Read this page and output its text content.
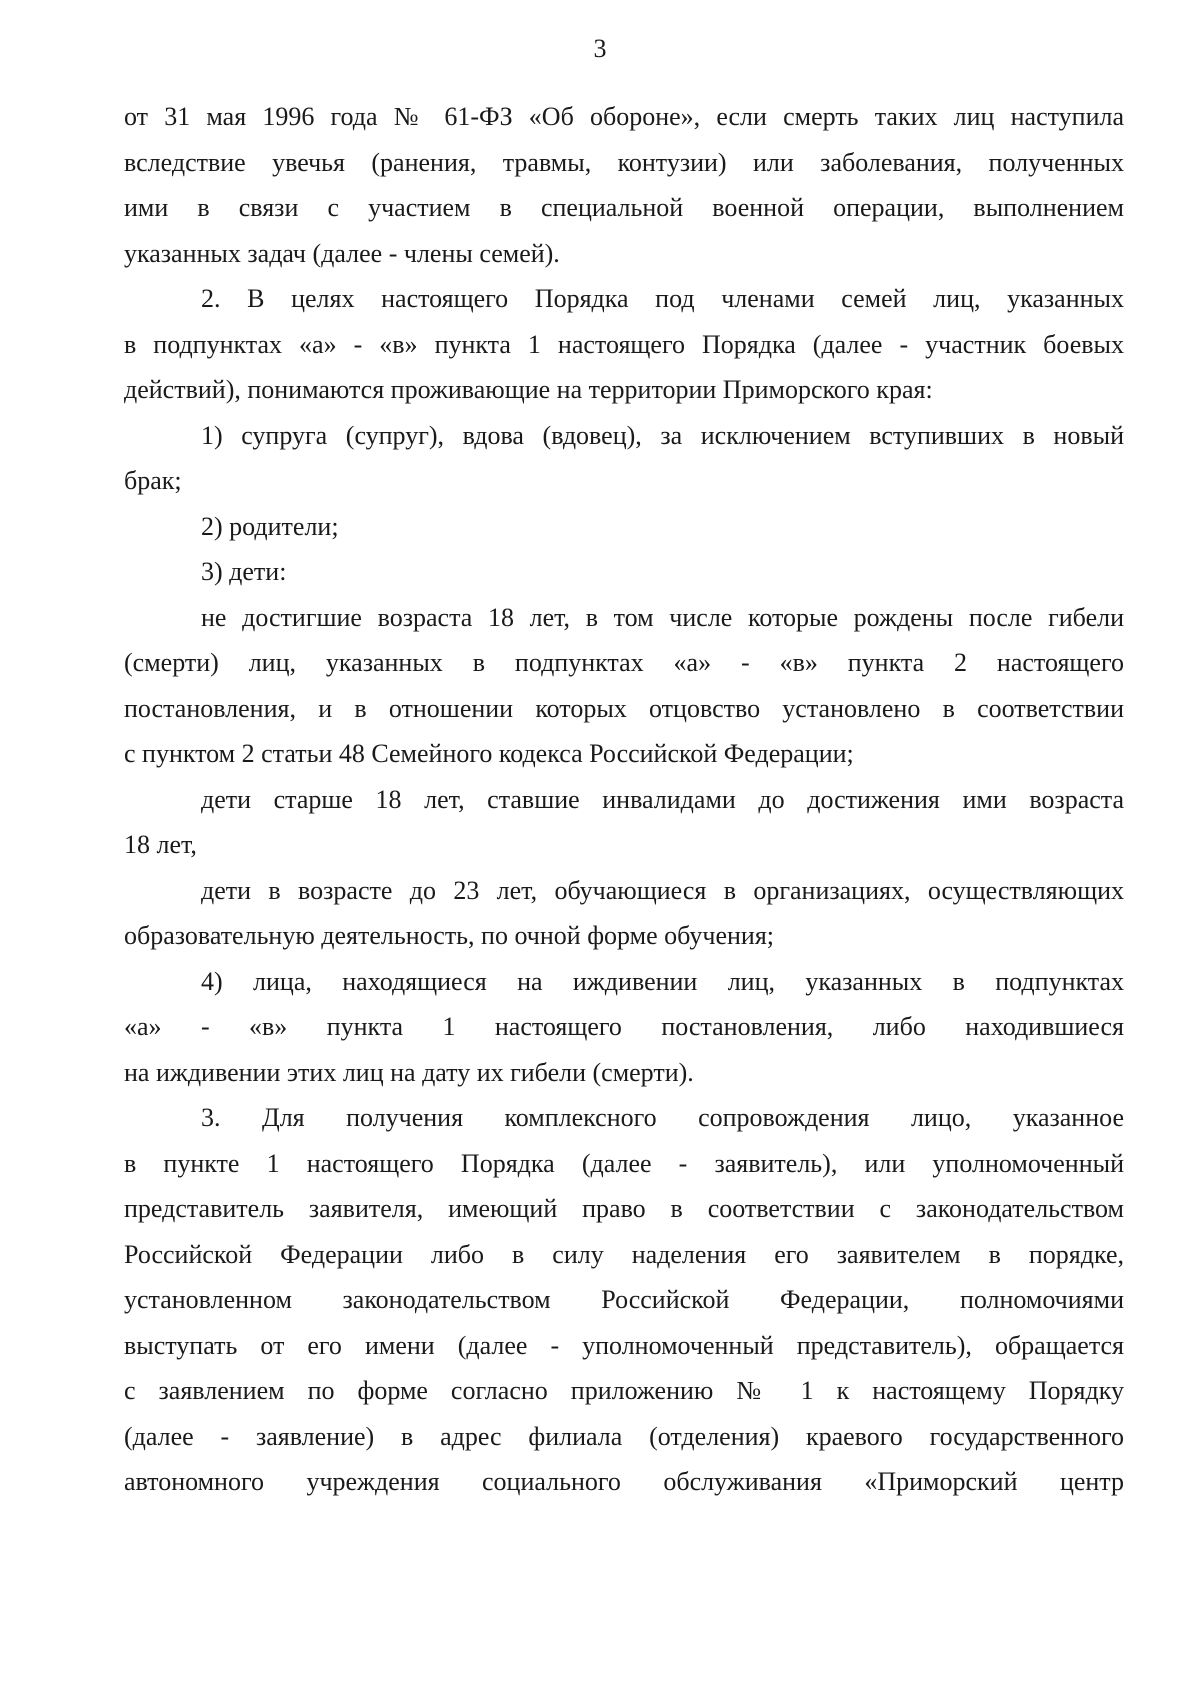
3
от 31 мая 1996 года № 61-ФЗ «Об обороне», если смерть таких лиц наступила
вследствие увечья (ранения, травмы, контузии) или заболевания, полученных
ими в связи с участием в специальной военной операции, выполнением
указанных задач (далее - члены семей).
2. В целях настоящего Порядка под членами семей лиц, указанных
в подпунктах «а» - «в» пункта 1 настоящего Порядка (далее - участник боевых
действий), понимаются проживающие на территории Приморского края:
1) супруга (супруг), вдова (вдовец), за исключением вступивших в новый
брак;
2) родители;
3) дети:
не достигшие возраста 18 лет, в том числе которые рождены после гибели
(смерти) лиц, указанных в подпунктах «а» - «в» пункта 2 настоящего
постановления, и в отношении которых отцовство установлено в соответствии
с пунктом 2 статьи 48 Семейного кодекса Российской Федерации;
дети старше 18 лет, ставшие инвалидами до достижения ими возраста
18 лет,
дети в возрасте до 23 лет, обучающиеся в организациях, осуществляющих
образовательную деятельность, по очной форме обучения;
4) лица, находящиеся на иждивении лиц, указанных в подпунктах
«а» - «в» пункта 1 настоящего постановления, либо находившиеся
на иждивении этих лиц на дату их гибели (смерти).
3. Для получения комплексного сопровождения лицо, указанное
в пункте 1 настоящего Порядка (далее - заявитель), или уполномоченный
представитель заявителя, имеющий право в соответствии с законодательством
Российской Федерации либо в силу наделения его заявителем в порядке,
установленном законодательством Российской Федерации, полномочиями
выступать от его имени (далее - уполномоченный представитель), обращается
с заявлением по форме согласно приложению № 1 к настоящему Порядку
(далее - заявление) в адрес филиала (отделения) краевого государственного
автономного учреждения социального обслуживания «Приморский центр
